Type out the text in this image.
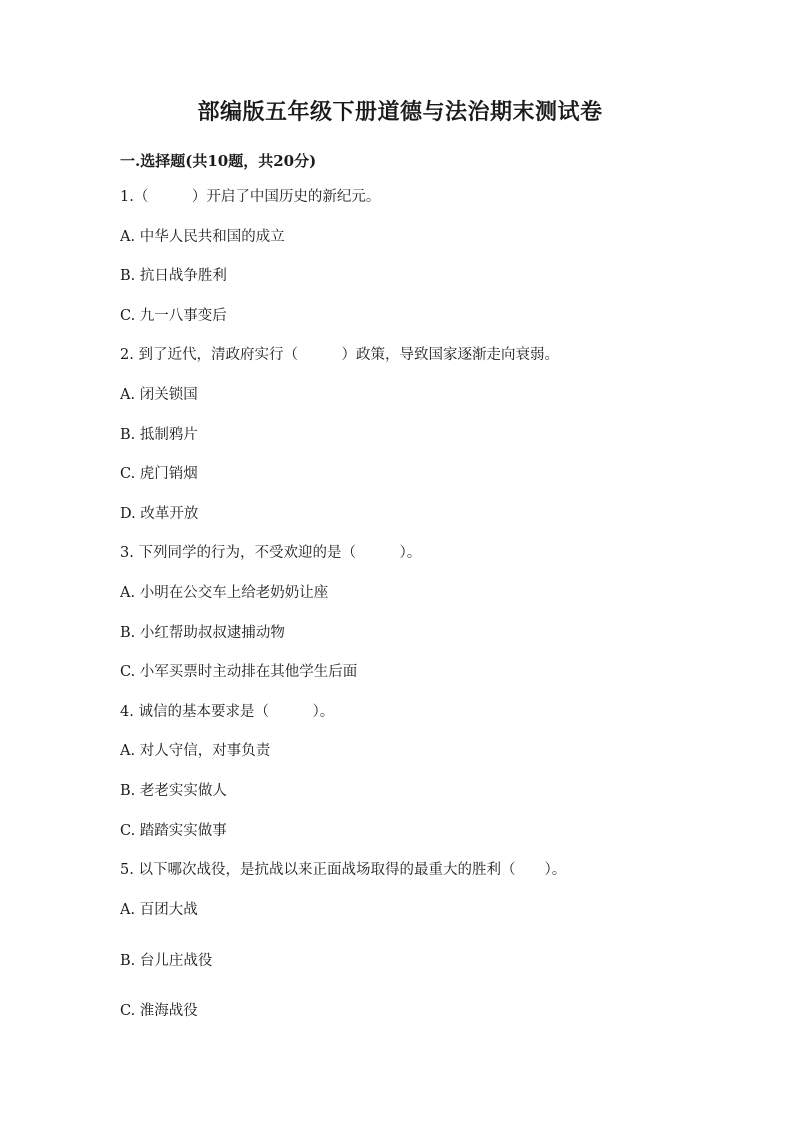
部编版五年级下册道德与法治期末测试卷
一.选择题(共10题，共20分)
1.（　　　）开启了中国历史的新纪元。
A. 中华人民共和国的成立
B. 抗日战争胜利
C. 九一八事变后
2. 到了近代，清政府实行（　　　）政策，导致国家逐渐走向衰弱。
A. 闭关锁国
B. 抵制鸦片
C. 虎门销烟
D. 改革开放
3. 下列同学的行为，不受欢迎的是（　　　）。
A. 小明在公交车上给老奶奶让座
B. 小红帮助叔叔逮捕动物
C. 小军买票时主动排在其他学生后面
4. 诚信的基本要求是（　　　）。
A. 对人守信，对事负责
B. 老老实实做人
C. 踏踏实实做事
5. 以下哪次战役，是抗战以来正面战场取得的最重大的胜利（　　）。
A. 百团大战
B. 台儿庄战役
C. 淮海战役
